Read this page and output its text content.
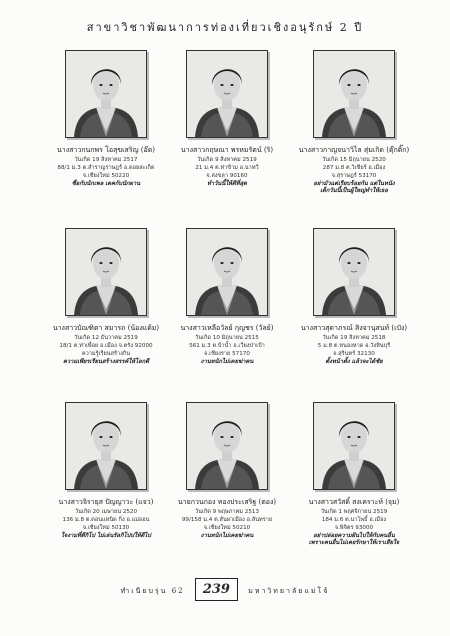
สาขาวิชาพัฒนาการท่องเที่ยวเชิงอนุรักษ์ 2 ปี
นางสาวกนกพร โอสุขเสริญ (อ๊ด)
วันเกิด 19 สิงหาคม 2517
88/1 ม.3 ต.สำราญราษฎร์ อ.ดอยสะเก็ด
จ.เชียงใหม่ 50220
ซื่อกับนักเพล เดคกับนักผาน
นางสาวกฤษณา พรหมรัตน์ (ริ)
วันเกิด 9 สิงหาคม 2519
21 ม.4 ต.ท่าข้าม อ.นาทวี
จ.สงขลา 90160
ทำวันนี้ให้ดีที่สุด
นางสาวกาญจนาวิไล สุ่มเกิด (ตุ๊กติ๊ก)
วันเกิด 15 มิถุนายน 2520
287 ม.8 ต.วิเชียร์ อ.เมือง
จ.สุราษฎร์ 53170
อย่ามัวแต่เรียบร้อยกัน แต่ในหนัง
เด็กวันนี้เป็นผู้ใหญ่ทำให้เธอ
นางสาวบัณฑิตา สมารถ (น้องแต้ม)
วันเกิด 12 ธันวาคม 2519
18/1 ต.ท่าเพื่อย อ.เมือง จ.ตรัง 92000
ความรู้เรียนสร้างกิน
ความเพียรเรียนสร้างสรรค์ให้โลกดี
นางสาวเหลือวัลย์ กุญชร (วัลย์)
วันเกิด 10 มิถุนายน 2515
561 ม.3 ต.บ้าน้ำ อ.เวียงป่าเป้า
จ.เชียงราย 57170
งานหนักไม่เคยฆ่าคน
นางสาวสุดาภรณ์ สิงจานุสนท์ (เป๋ง)
วันเกิด 19 สิงหาคม 2518
5 ม.8 ต.หนองหาด อ.วังหินบุรี
จ.สุรินทร์ 32130
ตั้งหน้าตั้ง แล้วจะได้ชัย
นางสาวจิรายุส ปัญญาวะ (แจว)
วันเกิด 20 เมษายน 2520
136 ม.8 ต.ดอนแหนิด กิ่ง อ.แม่ออน
จ.เชียงใหม่ 50130
ใจงามที่ดีกิโป ไม่เล่นรัลกิโปปให้ดีไป
นายกวนกอง ทองประเสริฐ (ตอง)
วันเกิด 9 พฤษภาคม 2513
99/158 ม.4 ต.สันผาเมือง อ.สันทราย
จ.เชียงใหม่ 50210
งานหนักไม่เคยฆ่าคน
นางสาวสวัสดิ์ สงเคราะห์ (จุม)
วันเกิด 1 พฤศจิกายน 2519
184 ม.6 ต.นาโพธิ์ อ.เมือง
จ.พิจิตร 93000
อย่าปล่อยความฝันไปให้กับคนอื่น
เพราะคนอื่นไม่เคยรักษาให้เราเสียใจ
ทำเนียบรุ่น 62 239	มหาวิทยาลัยแม่โจ้
